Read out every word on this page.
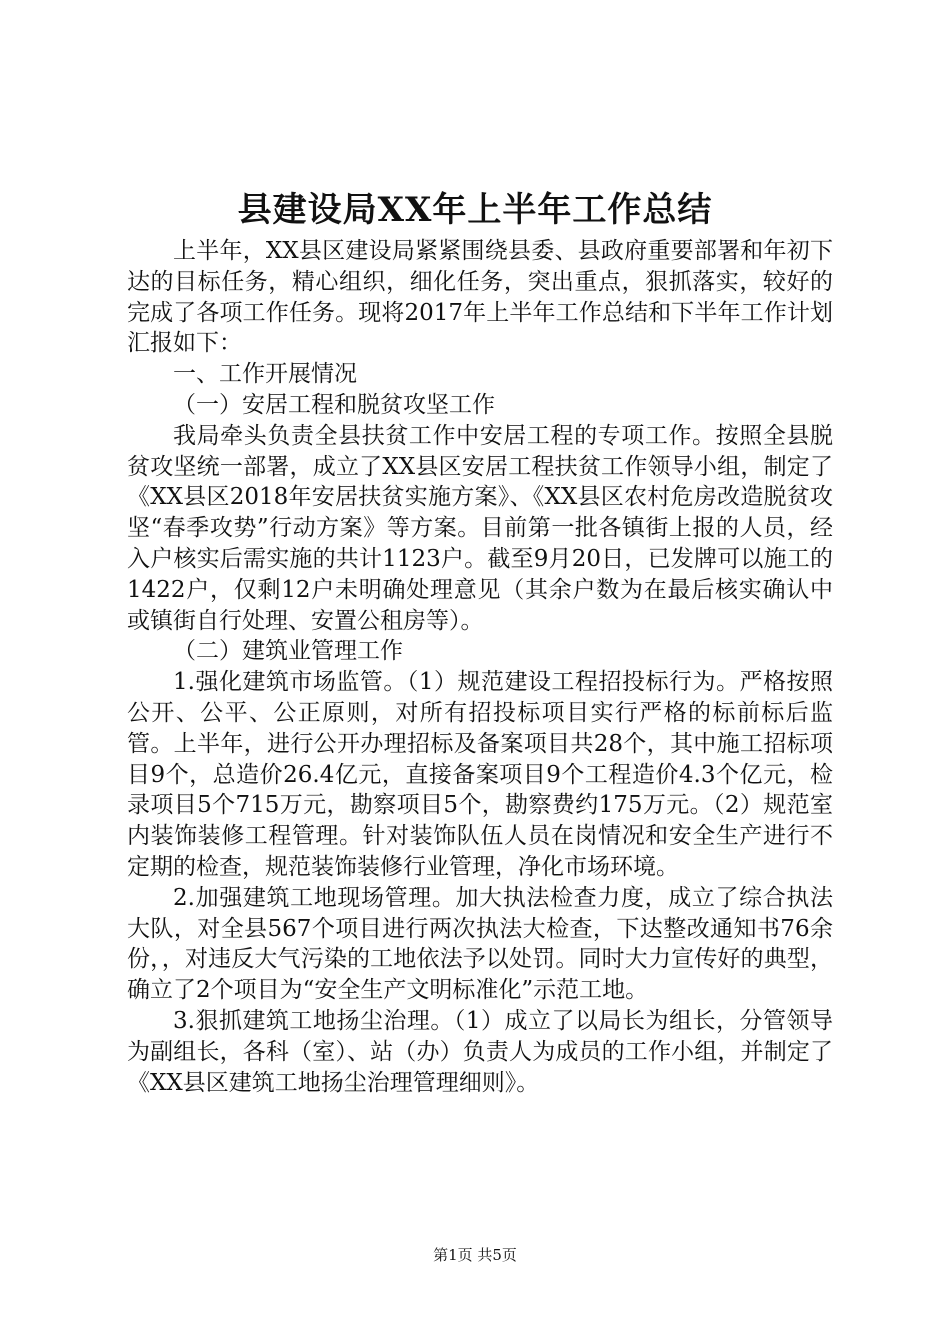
县建设局XX年上半年工作总结

上半年，XX县区建设局紧紧围绕县委、县政府重要部署和年初下达的目标任务，精心组织，细化任务，突出重点，狠抓落实，较好的完成了各项工作任务。现将2017年上半年工作总结和下半年工作计划汇报如下：

一、工作开展情况

（一）安居工程和脱贫攻坚工作

我局牵头负责全县扶贫工作中安居工程的专项工作。按照全县脱贫攻坚统一部署，成立了XX县区安居工程扶贫工作领导小组，制定了《XX县区2018年安居扶贫实施方案》、《XX县区农村危房改造脱贫攻坚“春季攻势”行动方案》等方案。目前第一批各镇街上报的人员，经入户核实后需实施的共计1123户。截至9月20日，已发牌可以施工的1422户，仅剩12户未明确处理意见（其余户数为在最后核实确认中或镇街自行处理、安置公租房等）。

（二）建筑业管理工作

1.强化建筑市场监管。（1）规范建设工程招投标行为。严格按照公开、公平、公正原则，对所有招投标项目实行严格的标前标后监管。上半年，进行公开办理招标及备案项目共28个，其中施工招标项目9个，总造价26.4亿元，直接备案项目9个工程造价4.3个亿元，检录项目5个715万元，勘察项目5个，勘察费约175万元。（2）规范室内装饰装修工程管理。针对装饰队伍人员在岗情况和安全生产进行不定期的检查，规范装饰装修行业管理，净化市场环境。

2.加强建筑工地现场管理。加大执法检查力度，成立了综合执法大队，对全县567个项目进行两次执法大检查，下达整改通知书76余份，，对违反大气污染的工地依法予以处罚。同时大力宣传好的典型，确立了2个项目为“安全生产文明标准化”示范工地。

3.狠抓建筑工地扬尘治理。（1）成立了以局长为组长，分管领导为副组长，各科（室）、站（办）负责人为成员的工作小组，并制定了《XX县区建筑工地扬尘治理管理细则》。

第1页 共5页
